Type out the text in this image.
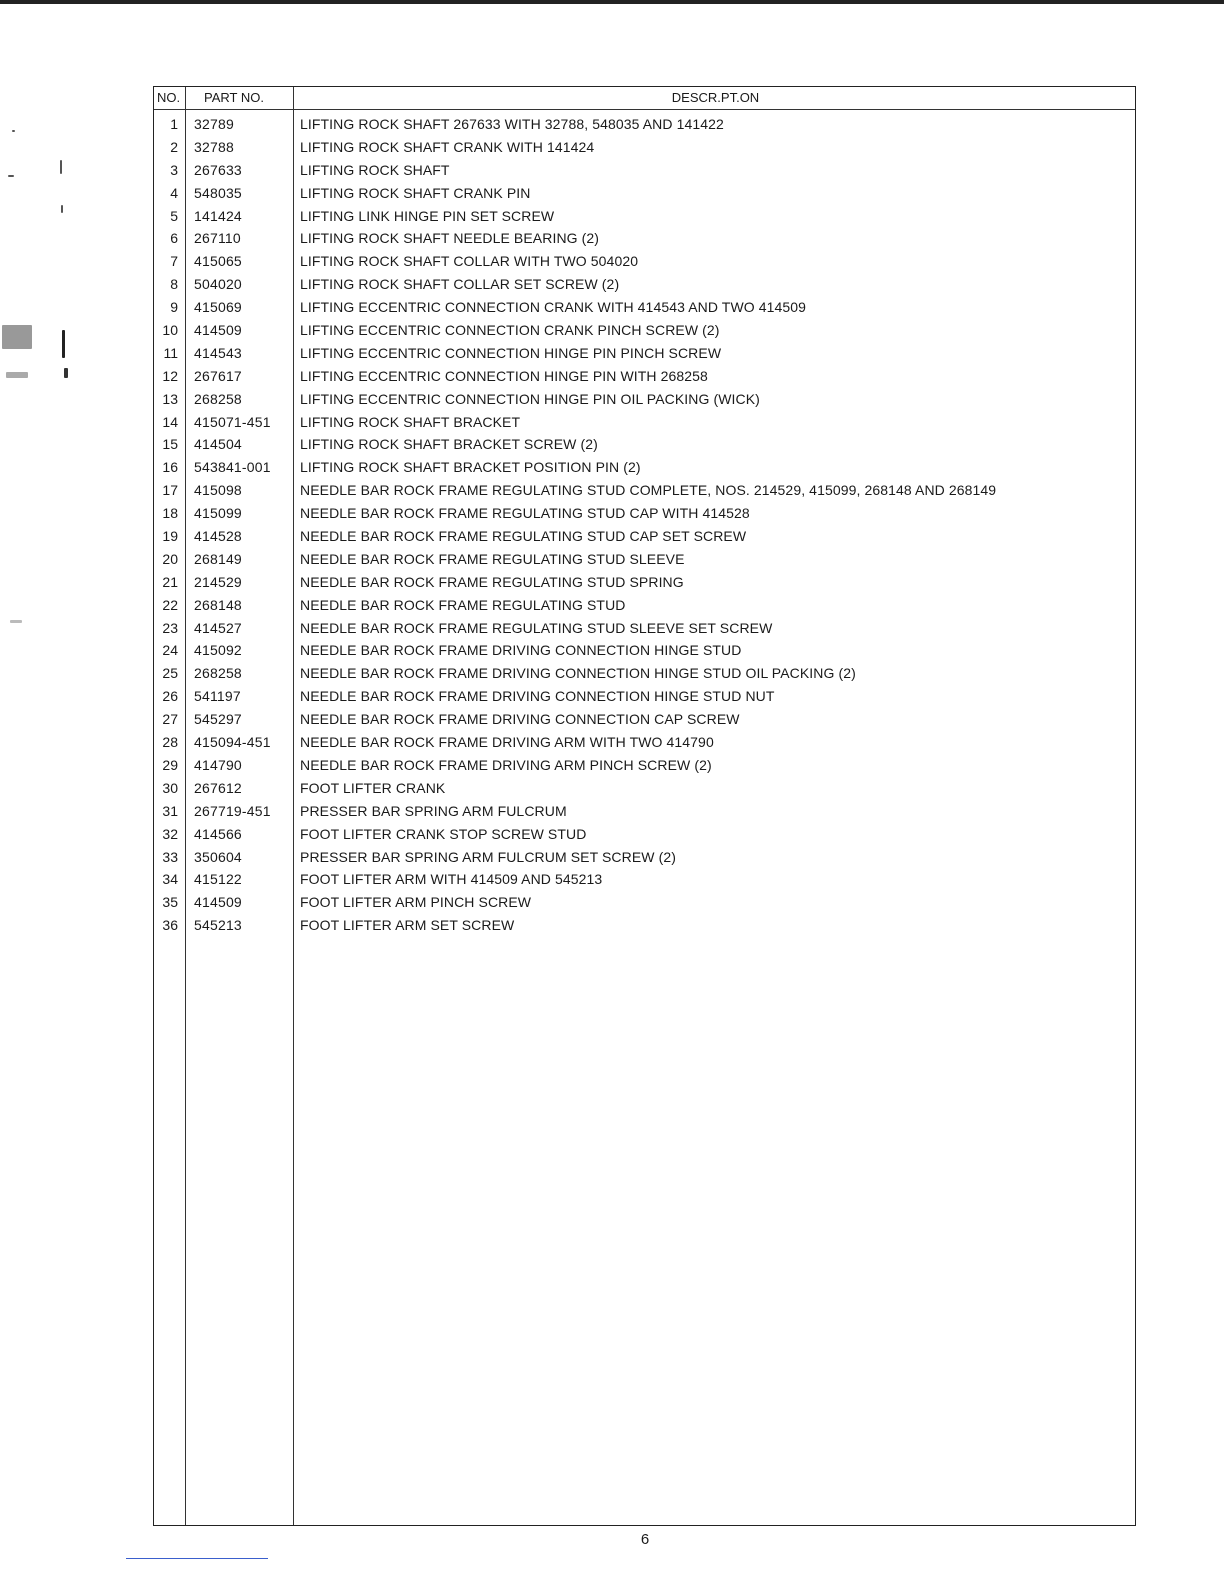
NO. PART NO.	DESCR.PT.ON
1 32789	LIFTING ROCK SHAFT 267633 WITH 32788, 548035 AND 141422
2 32788	LIFTING ROCK SHAFT CRANK WITH 141424
3 267633	LIFTING ROCK SHAFT
4 548035	LIFTING ROCK SHAFT CRANK PIN
5 141424	LIFTING LINK HINGE PIN SET SCREW
6 267110	LIFTING ROCK SHAFT NEEDLE BEARING (2)
7 415065	LIFTING ROCK SHAFT COLLAR WITH TWO 504020
8 504020	LIFTING ROCK SHAFT COLLAR SET SCREW (2)
9 415069	LIFTING ECCENTRIC CONNECTION CRANK WITH 414543 AND TWO 414509
10 414509	LIFTING ECCENTRIC CONNECTION CRANK PINCH SCREW (2)
11 414543	LIFTING ECCENTRIC CONNECTION HINGE PIN PINCH SCREW
12 267617	LIFTING ECCENTRIC CONNECTION HINGE PIN WITH 268258
13 268258	LIFTING ECCENTRIC CONNECTION HINGE PIN OIL PACKING (WICK)
14 415071-451	LIFTING ROCK SHAFT BRACKET
15 414504	LIFTING ROCK SHAFT BRACKET SCREW (2)
16 543841-001	LIFTING ROCK SHAFT BRACKET POSITION PIN (2)
17 415098	NEEDLE BAR ROCK FRAME REGULATING STUD COMPLETE, NOS. 214529, 415099, 268148 AND 268149
18 415099	NEEDLE BAR ROCK FRAME REGULATING STUD CAP WITH 414528
19 414528	NEEDLE BAR ROCK FRAME REGULATING STUD CAP SET SCREW
20 268149	NEEDLE BAR ROCK FRAME REGULATING STUD SLEEVE
21 214529	NEEDLE BAR ROCK FRAME REGULATING STUD SPRING
22 268148	NEEDLE BAR ROCK FRAME REGULATING STUD
23 414527	NEEDLE BAR ROCK FRAME REGULATING STUD SLEEVE SET SCREW
24 415092	NEEDLE BAR ROCK FRAME DRIVING CONNECTION HINGE STUD
25 268258	NEEDLE BAR ROCK FRAME DRIVING CONNECTION HINGE STUD OIL PACKING (2)
26 541197	NEEDLE BAR ROCK FRAME DRIVING CONNECTION HINGE STUD NUT
27 545297	NEEDLE BAR ROCK FRAME DRIVING CONNECTION CAP SCREW
28 415094-451	NEEDLE BAR ROCK FRAME DRIVING ARM WITH TWO 414790
29 414790	NEEDLE BAR ROCK FRAME DRIVING ARM PINCH SCREW (2)
30 267612	FOOT LIFTER CRANK
31 267719-451	PRESSER BAR SPRING ARM FULCRUM
32 414566	FOOT LIFTER CRANK STOP SCREW STUD
33 350604	PRESSER BAR SPRING ARM FULCRUM SET SCREW (2)
34 415122	FOOT LIFTER ARM WITH 414509 AND 545213
35 414509	FOOT LIFTER ARM PINCH SCREW
36 545213	FOOT LIFTER ARM SET SCREW
6
